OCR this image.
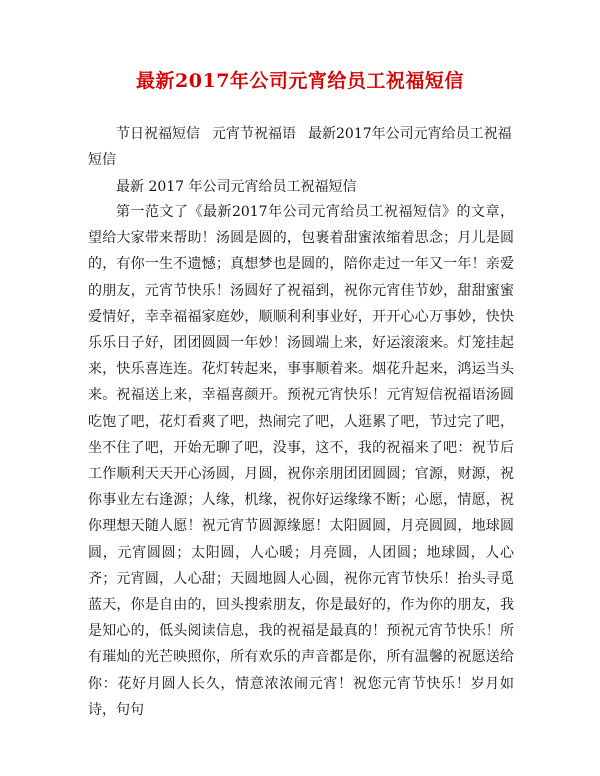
最新2017年公司元宵给员工祝福短信
节日祝福短信 元宵节祝福语 最新2017年公司元宵给员工祝福短信
最新 2017 年公司元宵给员工祝福短信
第一范文了《最新2017年公司元宵给员工祝福短信》的文章，望给大家带来帮助！汤圆是圆的，包裹着甜蜜浓缩着思念；月儿是圆的，有你一生不遗憾；真想梦也是圆的，陪你走过一年又一年！亲爱的朋友，元宵节快乐！汤圆好了祝福到，祝你元宵佳节妙，甜甜蜜蜜爱情好，幸幸福福家庭妙，顺顺利利事业好，开开心心万事妙，快快乐乐日子好，团团圆圆一年妙！汤圆端上来，好运滚滚来。灯笼挂起来，快乐喜连连。花灯转起来，事事顺着来。烟花升起来，鸿运当头来。祝福送上来，幸福喜颜开。预祝元宵快乐！元宵短信祝福语汤圆吃饱了吧，花灯看爽了吧，热闹完了吧，人逛累了吧，节过完了吧，坐不住了吧，开始无聊了吧，没事，这不，我的祝福来了吧：祝节后工作顺利天天开心汤圆，月圆，祝你亲朋团团圆圆；官源，财源，祝你事业左右逢源；人缘，机缘，祝你好运缘缘不断；心愿，情愿，祝你理想天随人愿！祝元宵节圆源缘愿！太阳圆圆，月亮圆圆，地球圆圆，元宵圆圆；太阳圆，人心暖；月亮圆，人团圆；地球圆，人心齐；元宵圆，人心甜；天圆地圆人心圆，祝你元宵节快乐！抬头寻觅蓝天，你是自由的，回头搜索朋友，你是最好的，作为你的朋友，我是知心的，低头阅读信息，我的祝福是最真的！预祝元宵节快乐！所有璀灿的光芒映照你，所有欢乐的声音都是你，所有温馨的祝愿送给你：花好月圆人长久，情意浓浓闹元宵！祝您元宵节快乐！岁月如诗，句句
